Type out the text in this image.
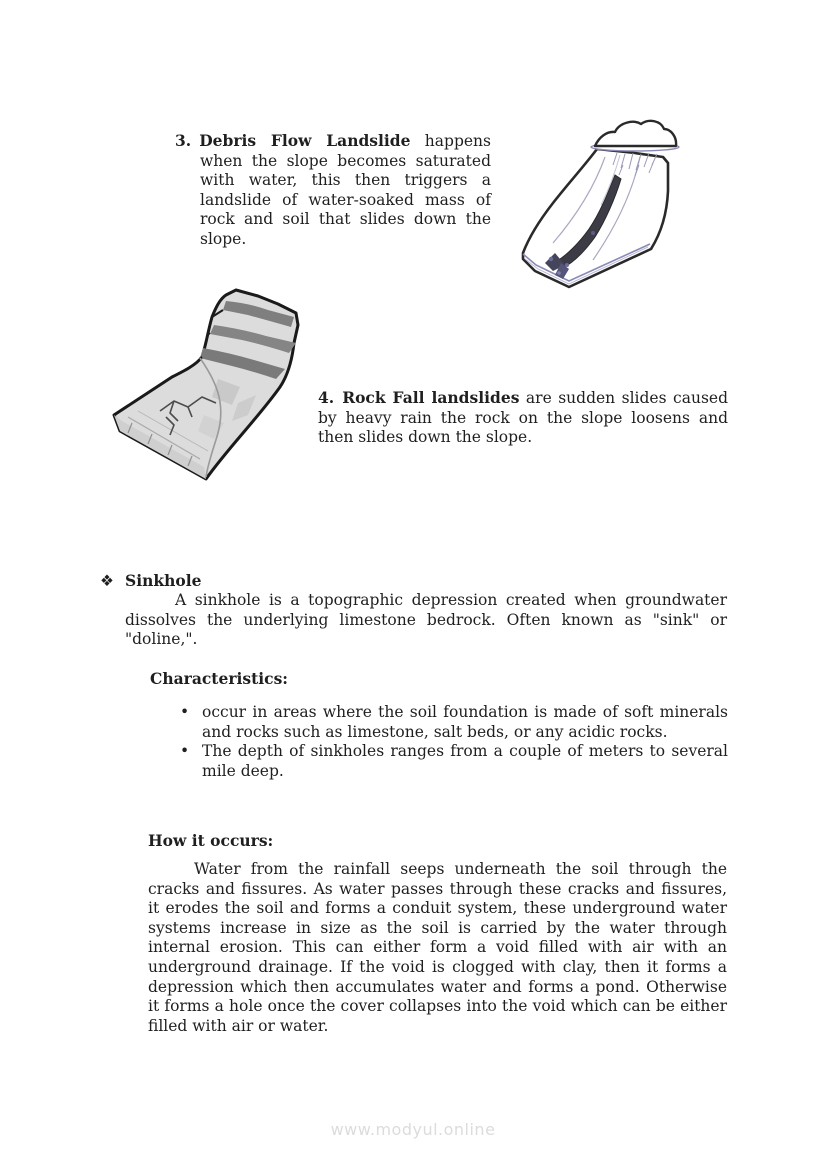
3. Debris Flow Landslide happens when the slope becomes saturated with water, this then triggers a landslide of water-soaked mass of rock and soil that slides down the slope.

4. Rock Fall landslides are sudden slides caused by heavy rain the rock on the slope loosens and then slides down the slope.

❖ Sinkhole

A sinkhole is a topographic depression created when groundwater dissolves the underlying limestone bedrock. Often known as "sink" or "doline,".

Characteristics:
• occur in areas where the soil foundation is made of soft minerals and rocks such as limestone, salt beds, or any acidic rocks.
• The depth of sinkholes ranges from a couple of meters to several mile deep.
How it occurs:

Water from the rainfall seeps underneath the soil through the cracks and fissures. As water passes through these cracks and fissures, it erodes the soil and forms a conduit system, these underground water systems increase in size as the soil is carried by the water through internal erosion. This can either form a void filled with air with an underground drainage. If the void is clogged with clay, then it forms a depression which then accumulates water and forms a pond. Otherwise it forms a hole once the cover collapses into the void which can be either filled with air or water.

www.modyul.online
